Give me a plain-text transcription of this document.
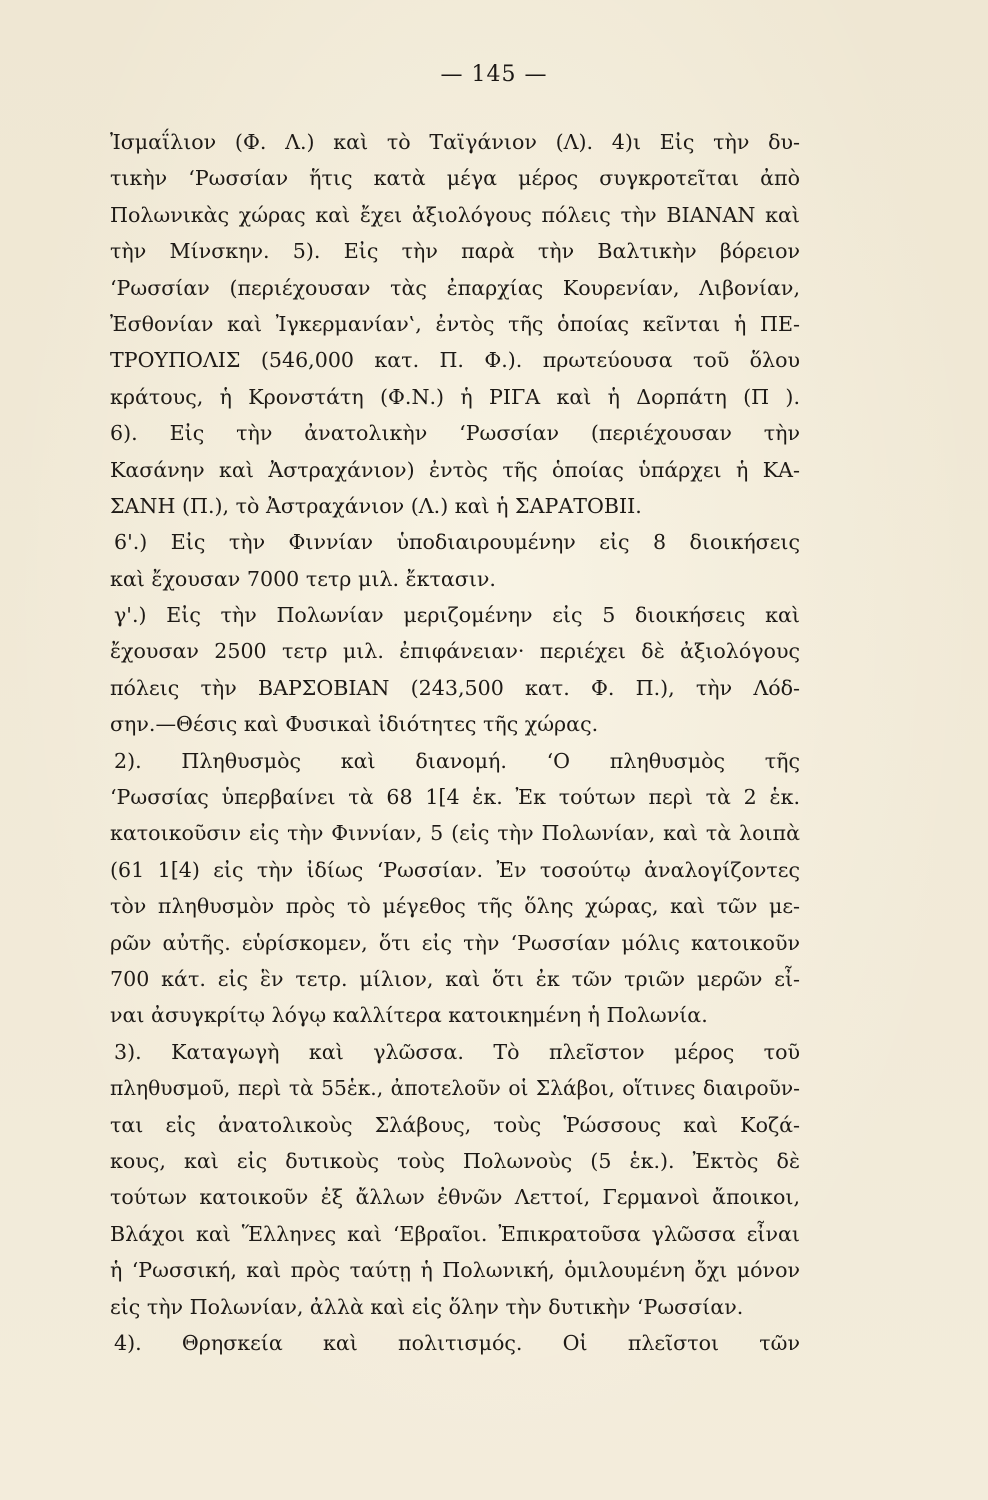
— 145 —
Ἰσμαΐλιον (Φ. Λ.) καὶ τὸ Ταϊγάνιον (Λ). 4)ι Εἰς τὴν δυ-
τικὴν ‘Ρωσσίαν ἥτις κατὰ μέγα μέρος συγκροτεῖται ἀπὸ
Πολωνικὰς χώρας καὶ ἔχει ἀξιολόγους πόλεις τὴν ΒΙΑΝΑΝ καὶ
τὴν Μίνσκην. 5). Εἰς τὴν παρὰ τὴν Βαλτικὴν βόρειον
‘Ρωσσίαν (περιέχουσαν τὰς ἐπαρχίας Κουρενίαν, Λιβονίαν,
Ἐσθονίαν καὶ Ἰγκερμανίαν‛, ἐντὸς τῆς ὁποίας κεῖνται ἡ ΠΕ-
ΤΡΟΥΠΟΛΙΣ (546,000 κατ. Π. Φ.). πρωτεύουσα τοῦ ὅλου
κράτους, ἡ Κρονστάτη (Φ.Ν.) ἡ ΡΙΓΑ καὶ ἡ Δορπάτη (Π ).
6). Εἰς τὴν ἀνατολικὴν ‘Ρωσσίαν (περιέχουσαν τὴν
Κασάνην καὶ Ἀστραχάνιον) ἐντὸς τῆς ὁποίας ὑπάρχει ἡ ΚΑ-
ΣΑΝΗ (Π.), τὸ Ἀστραχάνιον (Λ.) καὶ ἡ ΣΑΡΑΤΟΒΙΙ.
6'.) Εἰς τὴν Φιννίαν ὑποδιαιρουμένην εἰς 8 διοικήσεις
καὶ ἔχουσαν 7000 τετρ μιλ. ἔκτασιν.
γ'.) Εἰς τὴν Πολωνίαν μεριζομένην εἰς 5 διοικήσεις καὶ
ἔχουσαν 2500 τετρ μιλ. ἐπιφάνειαν· περιέχει δὲ ἀξιολόγους
πόλεις τὴν ΒΑΡΣΟΒΙΑΝ (243,500 κατ. Φ. Π.), τὴν Λόδ-
σην.—Θέσις καὶ Φυσικαὶ ἰδιότητες τῆς χώρας.
2). Πληθυσμὸς καὶ διανομή. ‘Ο πληθυσμὸς τῆς
‘Ρωσσίας ὑπερβαίνει τὰ 68 1[4 ἑκ. Ἐκ τούτων περὶ τὰ 2 ἑκ.
κατοικοῦσιν εἰς τὴν Φιννίαν, 5 (εἰς τὴν Πολωνίαν, καὶ τὰ λοιπὰ
(61 1[4) εἰς τὴν ἰδίως ‘Ρωσσίαν. Ἐν τοσούτῳ ἀναλογίζοντες
τὸν πληθυσμὸν πρὸς τὸ μέγεθος τῆς ὅλης χώρας, καὶ τῶν με-
ρῶν αὐτῆς. εὑρίσκομεν, ὅτι εἰς τὴν ‘Ρωσσίαν μόλις κατοικοῦν
700 κάτ. εἰς ἓν τετρ. μίλιον, καὶ ὅτι ἐκ τῶν τριῶν μερῶν εἶ-
ναι ἀσυγκρίτῳ λόγῳ καλλίτερα κατοικημένη ἡ Πολωνία.
3). Καταγωγὴ καὶ γλῶσσα. Τὸ πλεῖστον μέρος τοῦ
πληθυσμοῦ, περὶ τὰ 55ἑκ., ἀποτελοῦν οἱ Σλάβοι, οἵτινες διαιροῦν-
ται εἰς ἀνατολικοὺς Σλάβους, τοὺς Ῥώσσους καὶ Κοζά-
κους, καὶ εἰς δυτικοὺς τοὺς Πολωνοὺς (5 ἑκ.). Ἐκτὸς δὲ
τούτων κατοικοῦν ἐξ ἄλλων ἐθνῶν Λεττοί, Γερμανοὶ ἄποικοι,
Βλάχοι καὶ Ἕλληνες καὶ ‘Εβραῖοι. Ἐπικρατοῦσα γλῶσσα εἶναι
ἡ ‘Ρωσσική, καὶ πρὸς ταύτῃ ἡ Πολωνική, ὁμιλουμένη ὄχι μόνον
εἰς τὴν Πολωνίαν, ἀλλὰ καὶ εἰς ὅλην τὴν δυτικὴν ‘Ρωσσίαν.
4). Θρησκεία καὶ πολιτισμός. Οἱ πλεῖστοι τῶν
